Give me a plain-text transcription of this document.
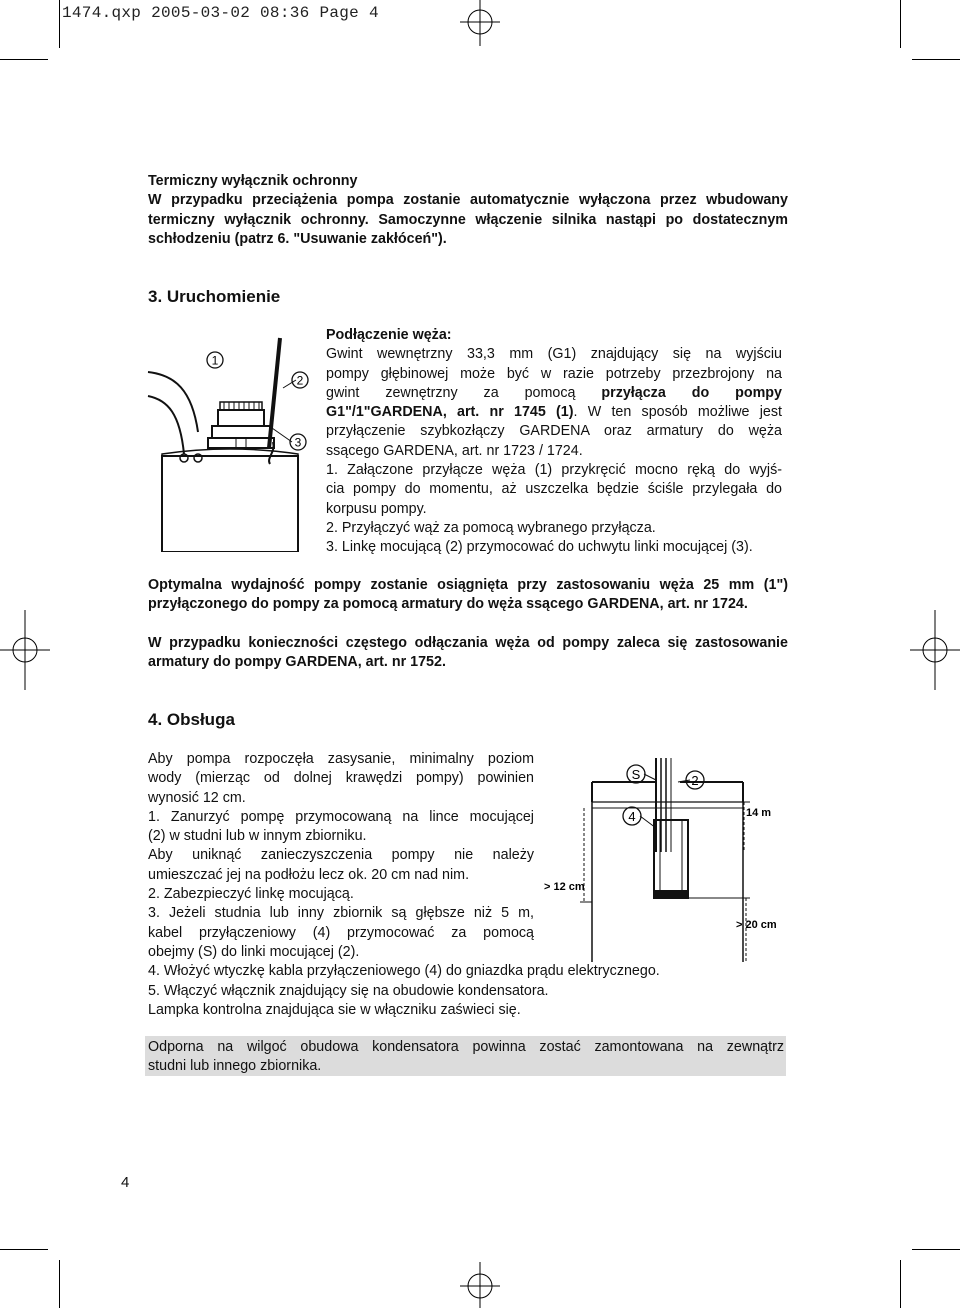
1474.qxp 2005-03-02 08:36 Page 4
Termiczny wyłącznik ochronny
W przypadku przeciążenia pompa zostanie automatycznie wyłączona przez wbudowany
termiczny wyłącznik ochronny. Samoczynne włączenie silnika nastąpi po dostatecznym
schłodzeniu (patrz 6. "Usuwanie zakłóceń").
3. Uruchomienie
1
2
3
Podłączenie węża:
Gwint wewnętrzny 33,3 mm (G1) znajdujący się na wyjściu
pompy głębinowej może być w razie potrzeby przezbrojony na
gwint zewnętrzny za pomocą przyłącza do pompy
G1"/1"GARDENA, art. nr 1745 (1). W ten sposób możliwe jest
przyłączenie szybkozłączy GARDENA oraz armatury do węża
ssącego GARDENA, art. nr 1723 / 1724.
1. Załączone przyłącze węża (1) przykręcić mocno ręką do wyjś-
cia pompy do momentu, aż uszczelka będzie ściśle przylegała do
korpusu pompy.
2. Przyłączyć wąż za pomocą wybranego przyłącza.
3. Linkę mocującą (2) przymocować do uchwytu linki mocującej (3).
Optymalna wydajność pompy zostanie osiągnięta przy zastosowaniu węża 25 mm (1")
przyłączonego do pompy za pomocą armatury do węża ssącego GARDENA, art. nr 1724.
W przypadku konieczności częstego odłączania węża od pompy zaleca się zastosowanie
armatury do pompy GARDENA, art. nr 1752.
4. Obsługa
Aby pompa rozpoczęła zasysanie, minimalny poziom
wody (mierząc od dolnej krawędzi pompy) powinien
wynosić 12 cm.
1. Zanurzyć pompę przymocowaną na lince mocującej
(2) w studni lub w innym zbiorniku.
Aby uniknąć zanieczyszczenia pompy nie należy
umieszczać jej na podłożu lecz ok. 20 cm nad nim.
2. Zabezpieczyć linkę mocującą.
3. Jeżeli studnia lub inny zbiornik są głębsze niż 5 m,
kabel przyłączeniowy (4) przymocować za pomocą
obejmy (S) do linki mocującej (2).
4. Włożyć wtyczkę kabla przyłączeniowego (4) do gniazdka prądu elektrycznego.
5. Włączyć włącznik znajdujący się na obudowie kondensatora.
Lampka kontrolna znajdująca sie w włączniku zaświeci się.
14 m
> 12 cm
> 20 cm
S	2
4
Odporna na wilgoć obudowa kondensatora powinna zostać zamontowana na zewnątrz
studni lub innego zbiornika.
4
